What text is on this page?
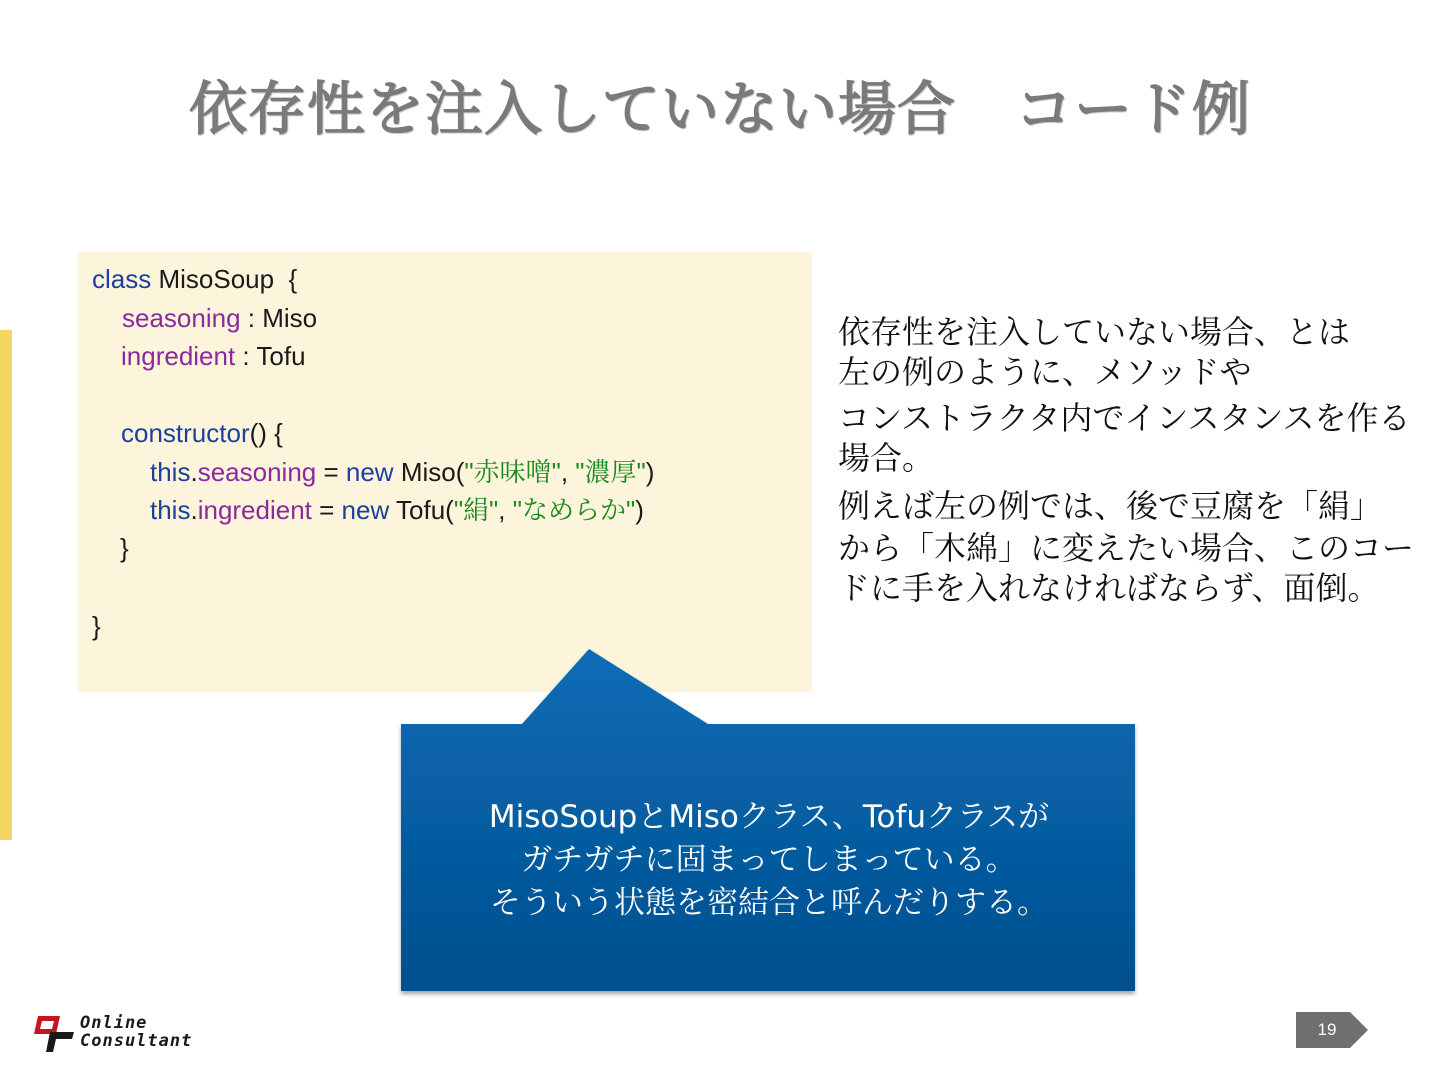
依存性を注入していない場合　コード例
class MisoSoup  {
seasoning : Miso
ingredient : Tofu
constructor() {
this.seasoning = new Miso("赤味噌", "濃厚")
this.ingredient = new Tofu("絹", "なめらか")
}
}
依存性を注入していない場合、とは
左の例のように、メソッドや
コンストラクタ内でインスタンスを作る
場合。
例えば左の例では、後で豆腐を「絹」
から「木綿」に変えたい場合、このコー
ドに手を入れなければならず、面倒。
MisoSoupとMisoクラス、Tofuクラスが
ガチガチに固まってしまっている。
そういう状態を密結合と呼んだりする。
Online
Consultant
19
